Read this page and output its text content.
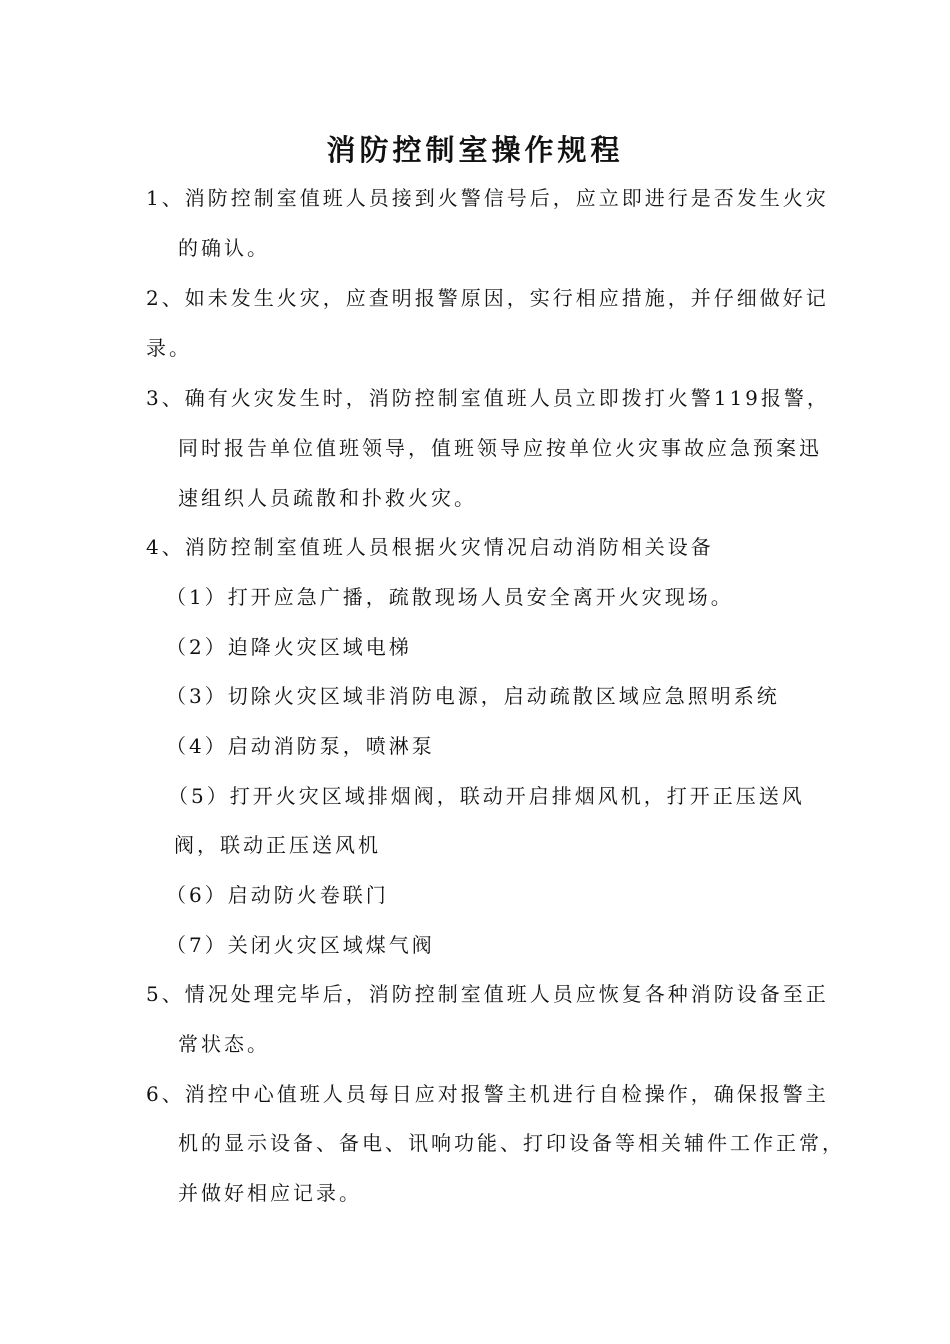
消防控制室操作规程
1、消防控制室值班人员接到火警信号后，应立即进行是否发生火灾
的确认。
2、如未发生火灾，应查明报警原因，实行相应措施，并仔细做好记
录。
3、确有火灾发生时，消防控制室值班人员立即拨打火警119报警，
同时报告单位值班领导，值班领导应按单位火灾事故应急预案迅
速组织人员疏散和扑救火灾。
4、消防控制室值班人员根据火灾情况启动消防相关设备
（1）打开应急广播，疏散现场人员安全离开火灾现场。
（2）迫降火灾区域电梯
（3）切除火灾区域非消防电源，启动疏散区域应急照明系统
（4）启动消防泵，喷淋泵
（5）打开火灾区域排烟阀，联动开启排烟风机，打开正压送风
阀，联动正压送风机
（6）启动防火卷联门
（7）关闭火灾区域煤气阀
5、情况处理完毕后，消防控制室值班人员应恢复各种消防设备至正
常状态。
6、消控中心值班人员每日应对报警主机进行自检操作，确保报警主
机的显示设备、备电、讯响功能、打印设备等相关辅件工作正常，
并做好相应记录。
